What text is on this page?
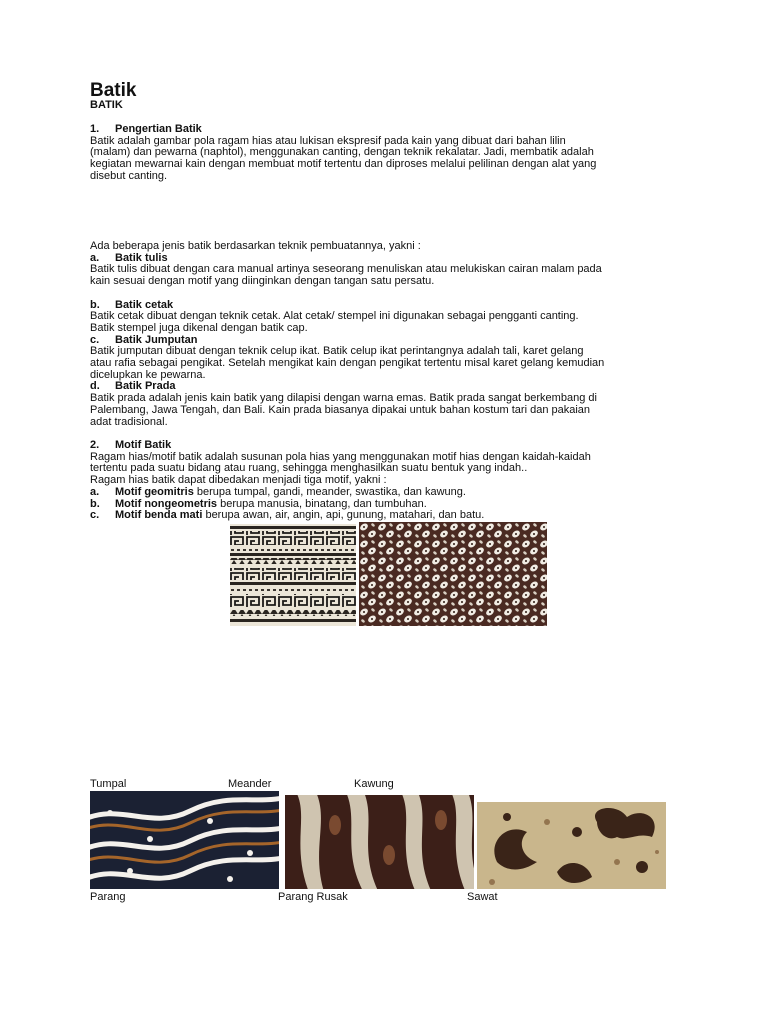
Batik
BATIK

1. Pengertian Batik

Batik adalah gambar pola ragam hias atau lukisan ekspresif pada kain yang dibuat dari bahan lilin

(malam) dan pewarna (naphtol), menggunakan canting, dengan teknik rekalatar. Jadi, membatik adalah

kegiatan mewarnai kain dengan membuat motif tertentu dan diproses melalui pelilinan dengan alat yang

disebut canting.

Ada beberapa jenis batik berdasarkan teknik pembuatannya, yakni :

a. Batik tulis

Batik tulis dibuat dengan cara manual artinya seseorang menuliskan atau melukiskan cairan malam pada

kain sesuai dengan motif yang diinginkan dengan tangan satu persatu.

b. Batik cetak

Batik cetak dibuat dengan teknik cetak. Alat cetak/ stempel ini digunakan sebagai pengganti canting.

Batik stempel juga dikenal dengan batik cap.

c. Batik Jumputan

Batik jumputan dibuat dengan teknik celup ikat. Batik celup ikat perintangnya adalah tali, karet gelang

atau rafia sebagai pengikat. Setelah mengikat kain dengan pengikat tertentu misal karet gelang kemudian

dicelupkan ke pewarna.

d. Batik Prada

Batik prada adalah jenis kain batik yang dilapisi dengan warna emas. Batik prada sangat berkembang di

Palembang, Jawa Tengah, dan Bali. Kain prada biasanya dipakai untuk bahan kostum tari dan pakaian

adat tradisional.

2. Motif Batik

Ragam hias/motif batik adalah susunan pola hias yang menggunakan motif hias dengan kaidah-kaidah

tertentu pada suatu bidang atau ruang, sehingga menghasilkan suatu bentuk yang indah..

Ragam hias batik dapat dibedakan menjadi tiga motif, yakni :

a. Motif geomitris berupa tumpal, gandi, meander, swastika, dan kawung.

b. Motif nongeometris berupa manusia, binatang, dan tumbuhan.

c. Motif benda mati berupa awan, air, angin, api, gunung, matahari, dan batu.

Tumpal	Meander	Kawung
Parang	Parang Rusak	Sawat
